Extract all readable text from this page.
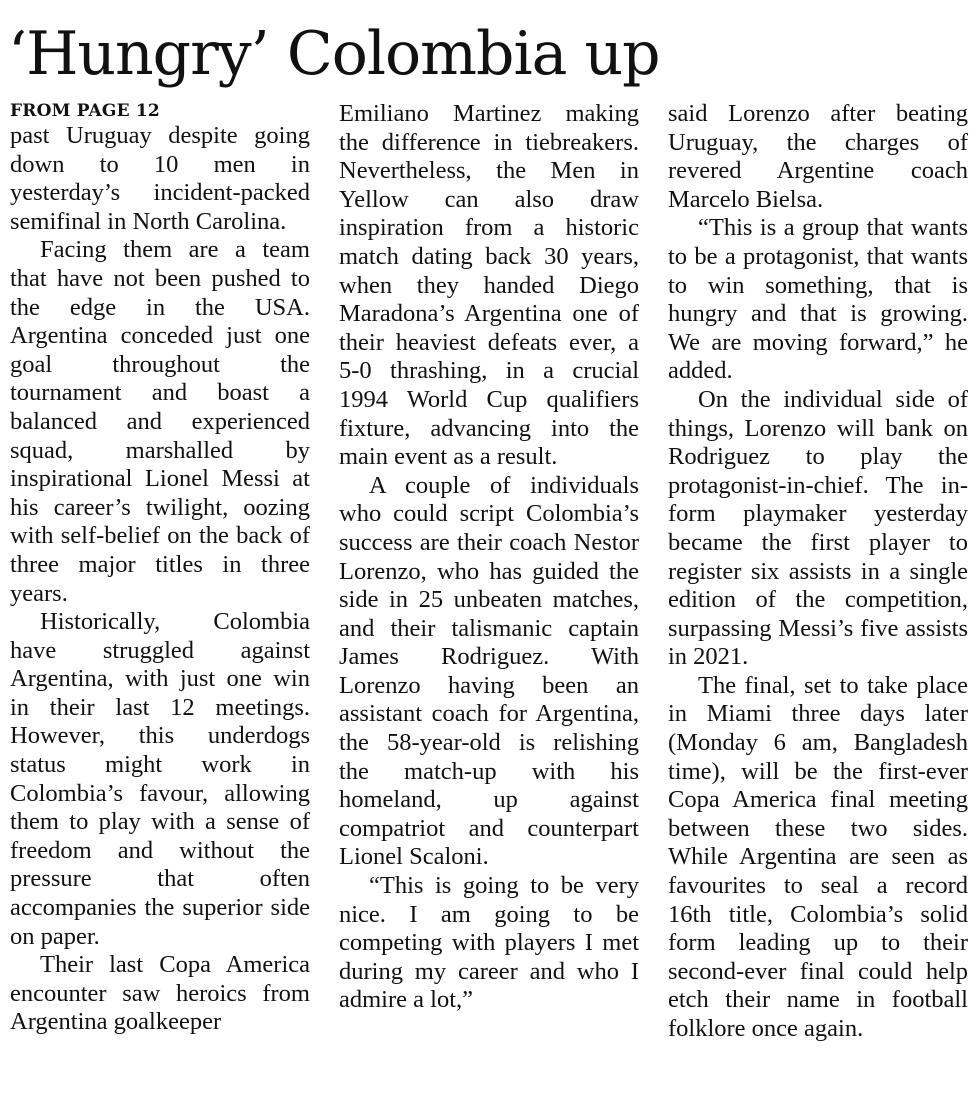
‘Hungry’ Colombia up
FROM PAGE 12

past Uruguay despite going down to 10 men in yesterday’s incident-packed semifinal in North Carolina.

Facing them are a team that have not been pushed to the edge in the USA. Argentina conceded just one goal throughout the tournament and boast a balanced and experienced squad, marshalled by inspirational Lionel Messi at his career’s twilight, oozing with self-belief on the back of three major titles in three years.

Historically, Colombia have struggled against Argentina, with just one win in their last 12 meetings. However, this underdogs status might work in Colombia’s favour, allowing them to play with a sense of freedom and without the pressure that often accompanies the superior side on paper.

Their last Copa America encounter saw heroics from Argentina goalkeeper

Emiliano Martinez making the difference in tiebreakers. Nevertheless, the Men in Yellow can also draw inspiration from a historic match dating back 30 years, when they handed Diego Maradona’s Argentina one of their heaviest defeats ever, a 5-0 thrashing, in a crucial 1994 World Cup qualifiers fixture, advancing into the main event as a result.

A couple of individuals who could script Colombia’s success are their coach Nestor Lorenzo, who has guided the side in 25 unbeaten matches, and their talismanic captain James Rodriguez. With Lorenzo having been an assistant coach for Argentina, the 58-year-old is relishing the match-up with his homeland, up against compatriot and counterpart Lionel Scaloni.

“This is going to be very nice. I am going to be competing with players I met during my career and who I admire a lot,”

said Lorenzo after beating Uruguay, the charges of revered Argentine coach Marcelo Bielsa.

“This is a group that wants to be a protagonist, that wants to win something, that is hungry and that is growing. We are moving forward,” he added.

On the individual side of things, Lorenzo will bank on Rodriguez to play the protagonist-in-chief. The in-form playmaker yesterday became the first player to register six assists in a single edition of the competition, surpassing Messi’s five assists in 2021.

The final, set to take place in Miami three days later (Monday 6 am, Bangladesh time), will be the first-ever Copa America final meeting between these two sides. While Argentina are seen as favourites to seal a record 16th title, Colombia’s solid form leading up to their second-ever final could help etch their name in football folklore once again.
